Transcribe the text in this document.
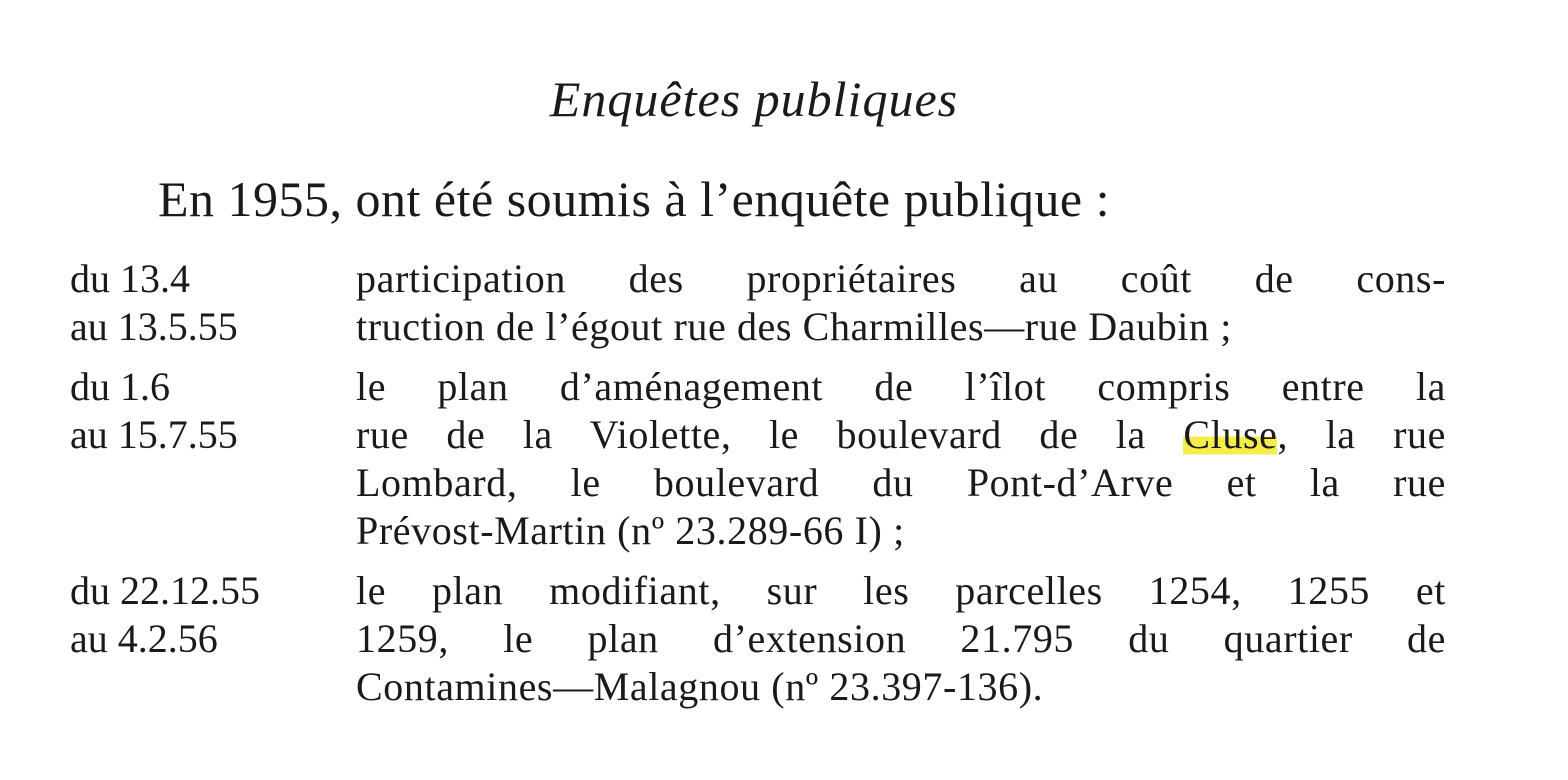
Enquêtes publiques
En 1955, ont été soumis à l’enquête publique :
du 13.4
au 13.5.55
participation des propriétaires au coût de cons-
truction de l’égout rue des Charmilles—rue Daubin ;
du 1.6
au 15.7.55
le plan d’aménagement de l’îlot compris entre la
rue de la Violette, le boulevard de la Cluse, la rue
Lombard, le boulevard du Pont-d’Arve et la rue
Prévost-Martin (nº 23.289-66 I) ;
du 22.12.55
au 4.2.56
le plan modifiant, sur les parcelles 1254, 1255 et
1259, le plan d’extension 21.795 du quartier de
Contamines—Malagnou (nº 23.397-136).
